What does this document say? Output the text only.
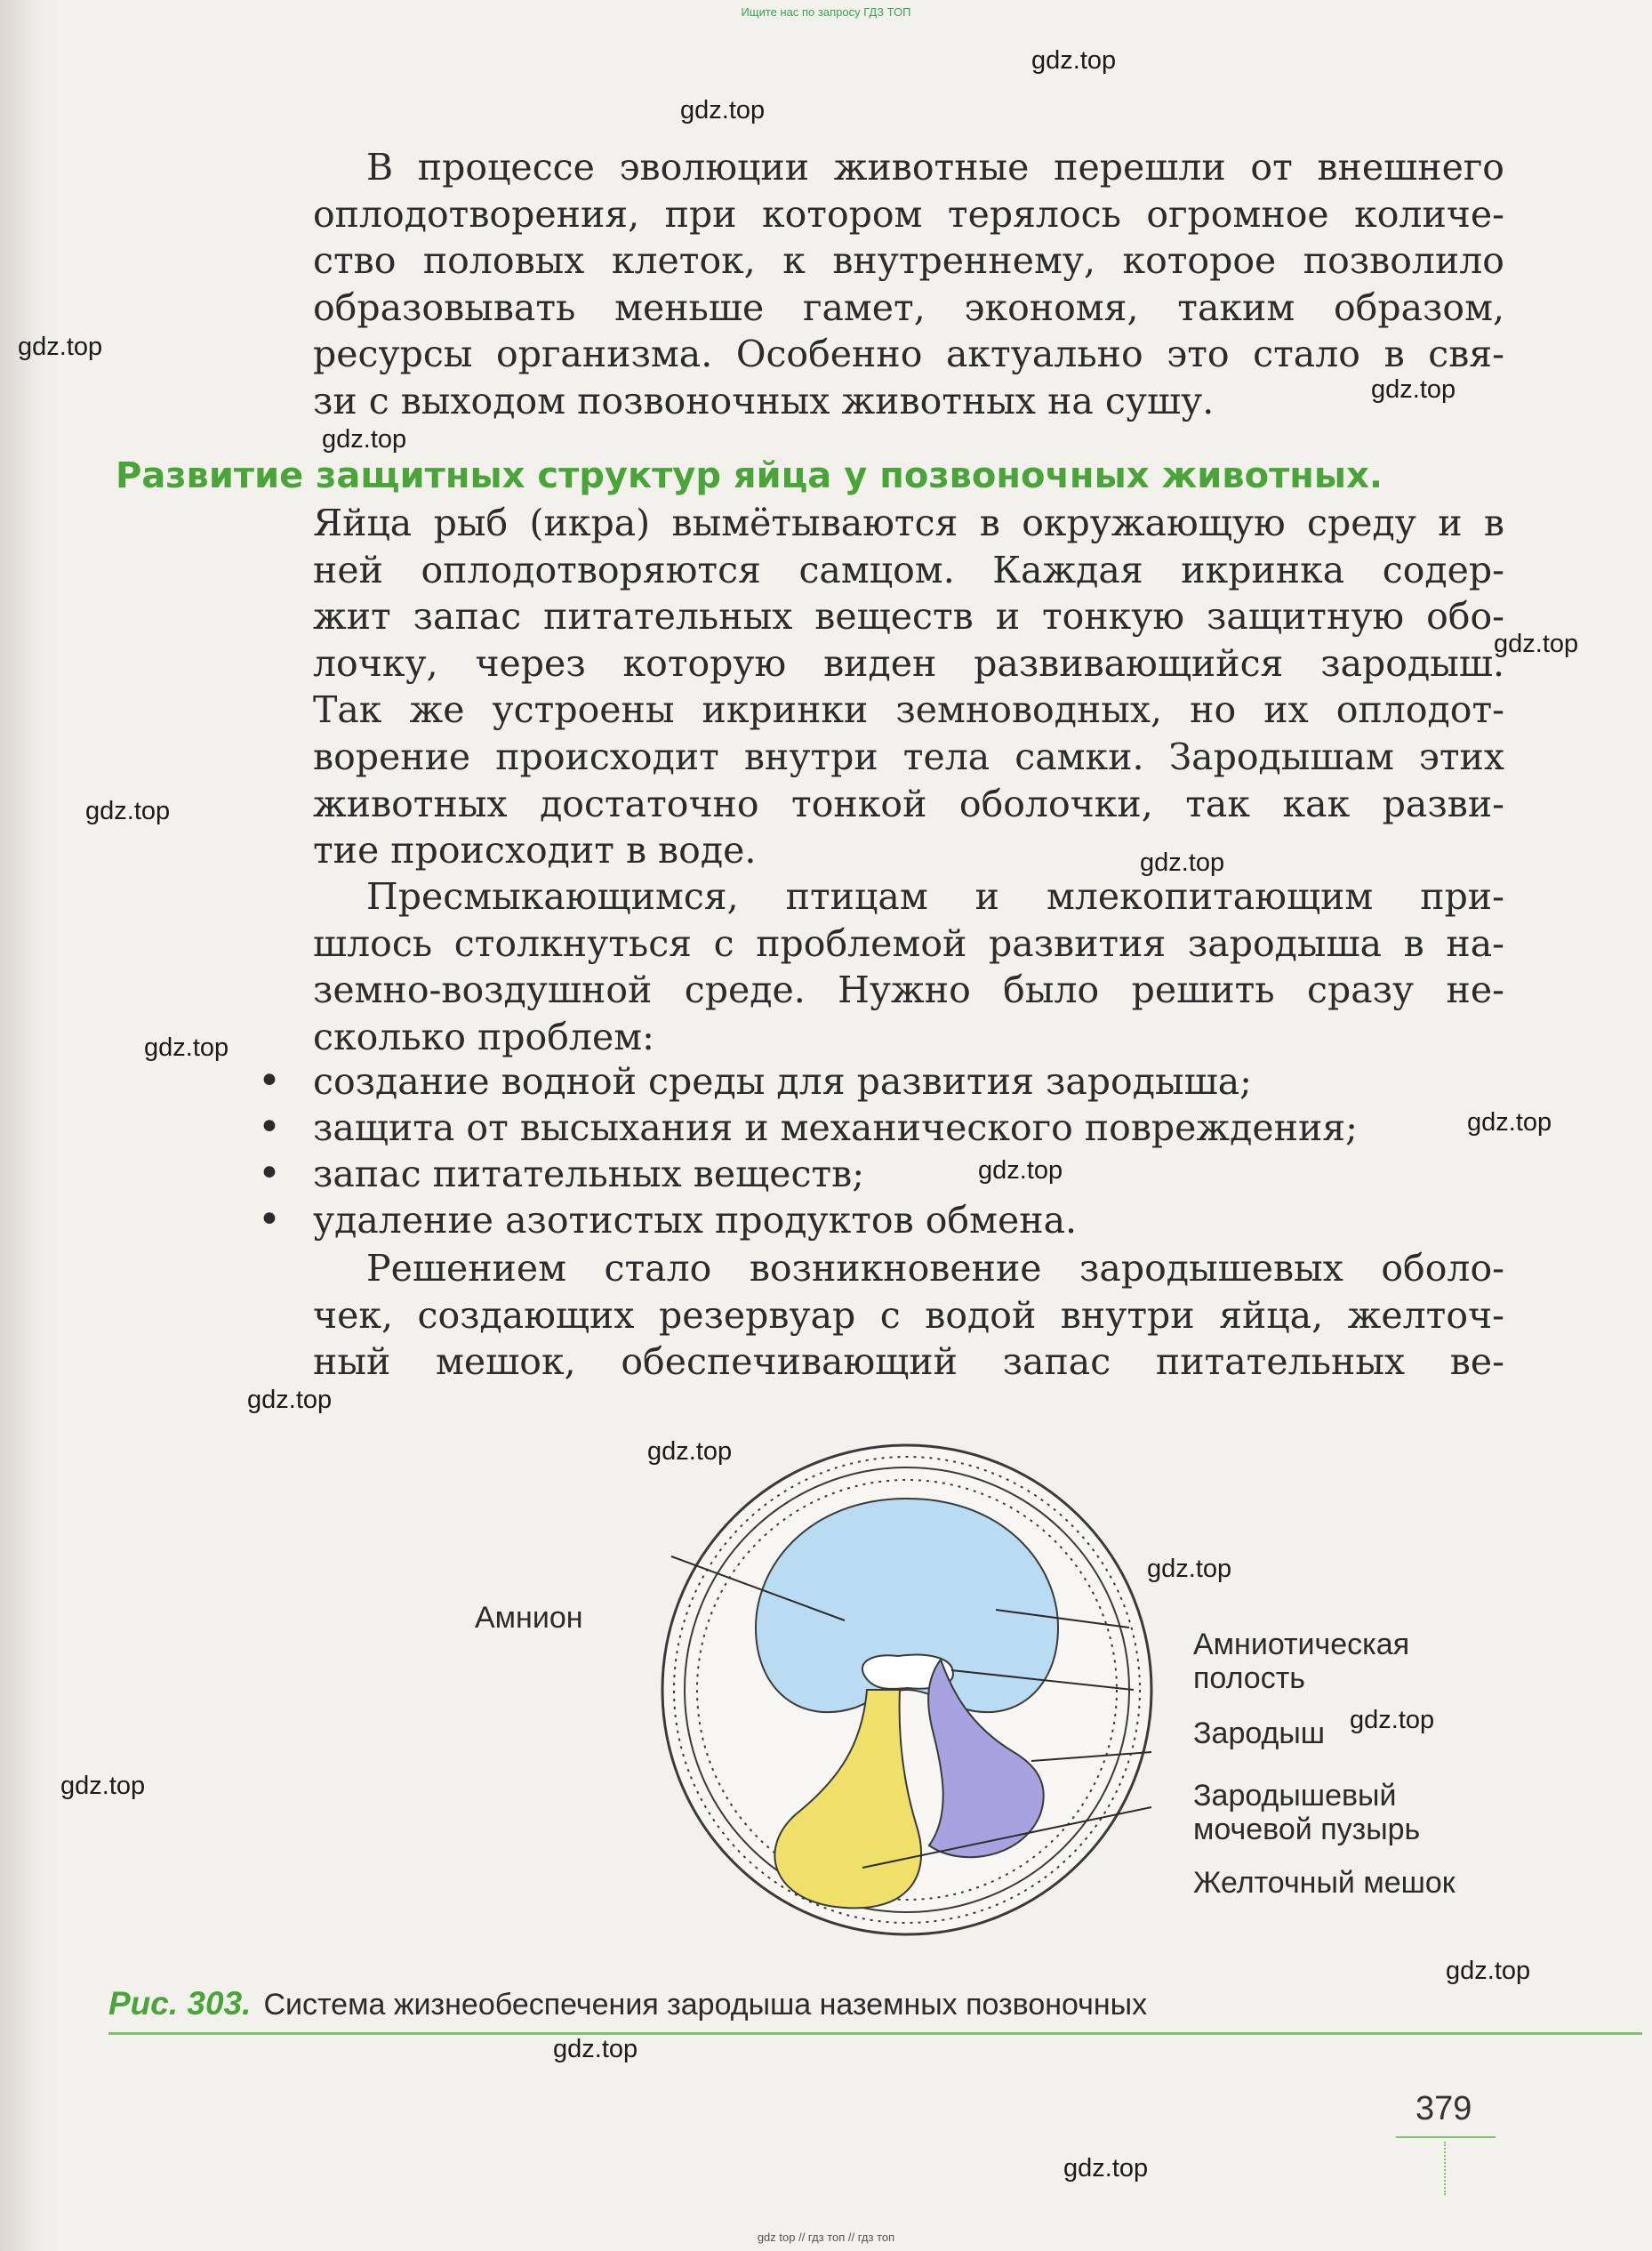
Ищите нас по запросу ГДЗ ТОП
gdz.top
gdz.top
gdz.top
gdz.top
gdz.top
gdz.top
gdz.top
gdz.top
gdz.top
gdz.top
gdz.top
gdz.top
gdz.top
gdz.top
gdz.top
gdz.top
gdz.top
gdz.top
gdz.top
В процессе эволюции животные перешли от внешнего
оплодотворения, при котором терялось огромное количе-
ство половых клеток, к внутреннему, которое позволило
образовывать меньше гамет, экономя, таким образом,
ресурсы организма. Особенно актуально это стало в свя-
зи с выходом позвоночных животных на сушу.
Развитие защитных структур яйца у позвоночных животных.
Яйца рыб (икра) вымётываются в окружающую среду и в
ней оплодотворяются самцом. Каждая икринка содер-
жит запас питательных веществ и тонкую защитную обо-
лочку, через которую виден развивающийся зародыш.
Так же устроены икринки земноводных, но их оплодот-
ворение происходит внутри тела самки. Зародышам этих
животных достаточно тонкой оболочки, так как разви-
тие происходит в воде.
Пресмыкающимся, птицам и млекопитающим при-
шлось столкнуться с проблемой развития зародыша в на-
земно-воздушной среде. Нужно было решить сразу не-
сколько проблем:
• создание водной среды для развития зародыша;
• защита от высыхания и механического повреждения;
• запас питательных веществ;
• удаление азотистых продуктов обмена.
Решением стало возникновение зародышевых оболо-
чек, создающих резервуар с водой внутри яйца, желточ-
ный мешок, обеспечивающий запас питательных ве-
Амнион
Амниотическая полость
Зародыш
Зародышевый мочевой пузырь
Желточный мешок
Рис. 303. Система жизнеобеспечения зародыша наземных позвоночных
379
gdz top // гдз топ // гдз топ
